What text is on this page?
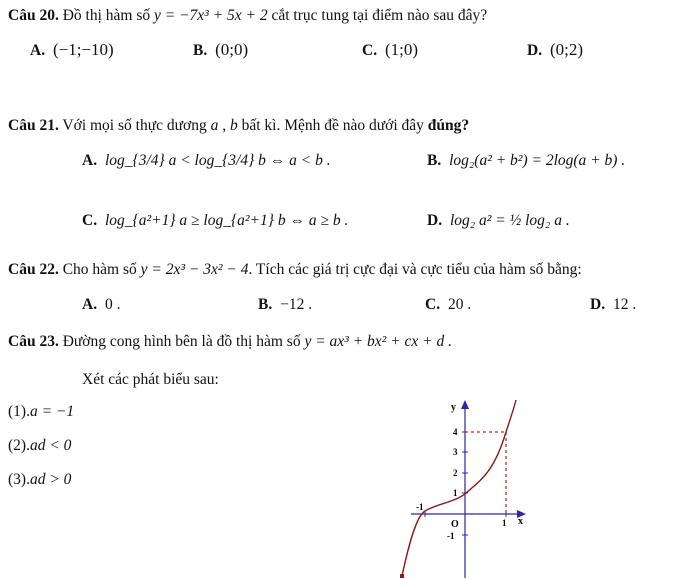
Câu 20. Đồ thị hàm số y = −7x³ + 5x + 2 cắt trục tung tại điểm nào sau đây?
A. (−1;−10)	B. (0;0)	C. (1;0)	D. (0;2)
Câu 21. Với mọi số thực dương a , b bất kì. Mệnh đề nào dưới đây đúng?
A. log_{3/4} a < log_{3/4} b ⇔ a < b .	B. log₂(a² + b²) = 2log(a + b) .
C. log_{a²+1} a ≥ log_{a²+1} b ⇔ a ≥ b .	D. log₂ a² = ½ log₂ a .
Câu 22. Cho hàm số y = 2x³ − 3x² − 4. Tích các giá trị cực đại và cực tiểu của hàm số bằng:
A. 0 .	B. −12 .	C. 20 .	D. 12 .
Câu 23. Đường cong hình bên là đồ thị hàm số y = ax³ + bx² + cx + d .
Xét các phát biểu sau:
(1).a = −1
(2).ad < 0
(3).ad > 0
y
x
O
4
3
2
1
-1
-1
1
